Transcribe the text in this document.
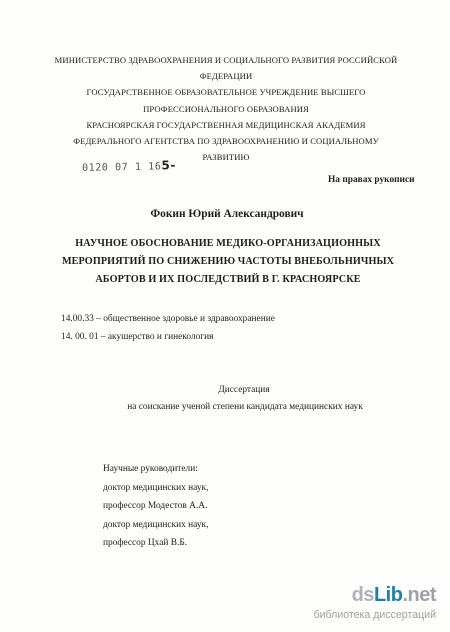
МИНИСТЕРСТВО ЗДРАВООХРАНЕНИЯ И СОЦИАЛЬНОГО РАЗВИТИЯ РОССИЙСКОЙ
ФЕДЕРАЦИИ
ГОСУДАРСТВЕННОЕ ОБРАЗОВАТЕЛЬНОЕ УЧРЕЖДЕНИЕ ВЫСШЕГО
ПРОФЕССИОНАЛЬНОГО ОБРАЗОВАНИЯ
КРАСНОЯРСКАЯ ГОСУДАРСТВЕННАЯ МЕДИЦИНСКАЯ АКАДЕМИЯ
ФЕДЕРАЛЬНОГО АГЕНТСТВА ПО ЗДРАВООХРАНЕНИЮ И СОЦИАЛЬНОМУ
РАЗВИТИЮ
0120 07 1 165-
На правах рукописи
Фокин Юрий Александрович
НАУЧНОЕ ОБОСНОВАНИЕ МЕДИКО-ОРГАНИЗАЦИОННЫХ
МЕРОПРИЯТИЙ ПО СНИЖЕНИЮ ЧАСТОТЫ ВНЕБОЛЬНИЧНЫХ
АБОРТОВ И ИХ ПОСЛЕДСТВИЙ В Г. КРАСНОЯРСКЕ
14.00.33 – общественное здоровье и здравоохранение
14. 00. 01 – акушерство и гинекология
Диссертация
на соискание ученой степени кандидата медицинских наук
Научные руководители:
доктор медицинских наук,
профессор Модестов А.А.
доктор медицинских наук,
профессор Цхай В.Б.
dsLib.net
библиотека диссертаций
